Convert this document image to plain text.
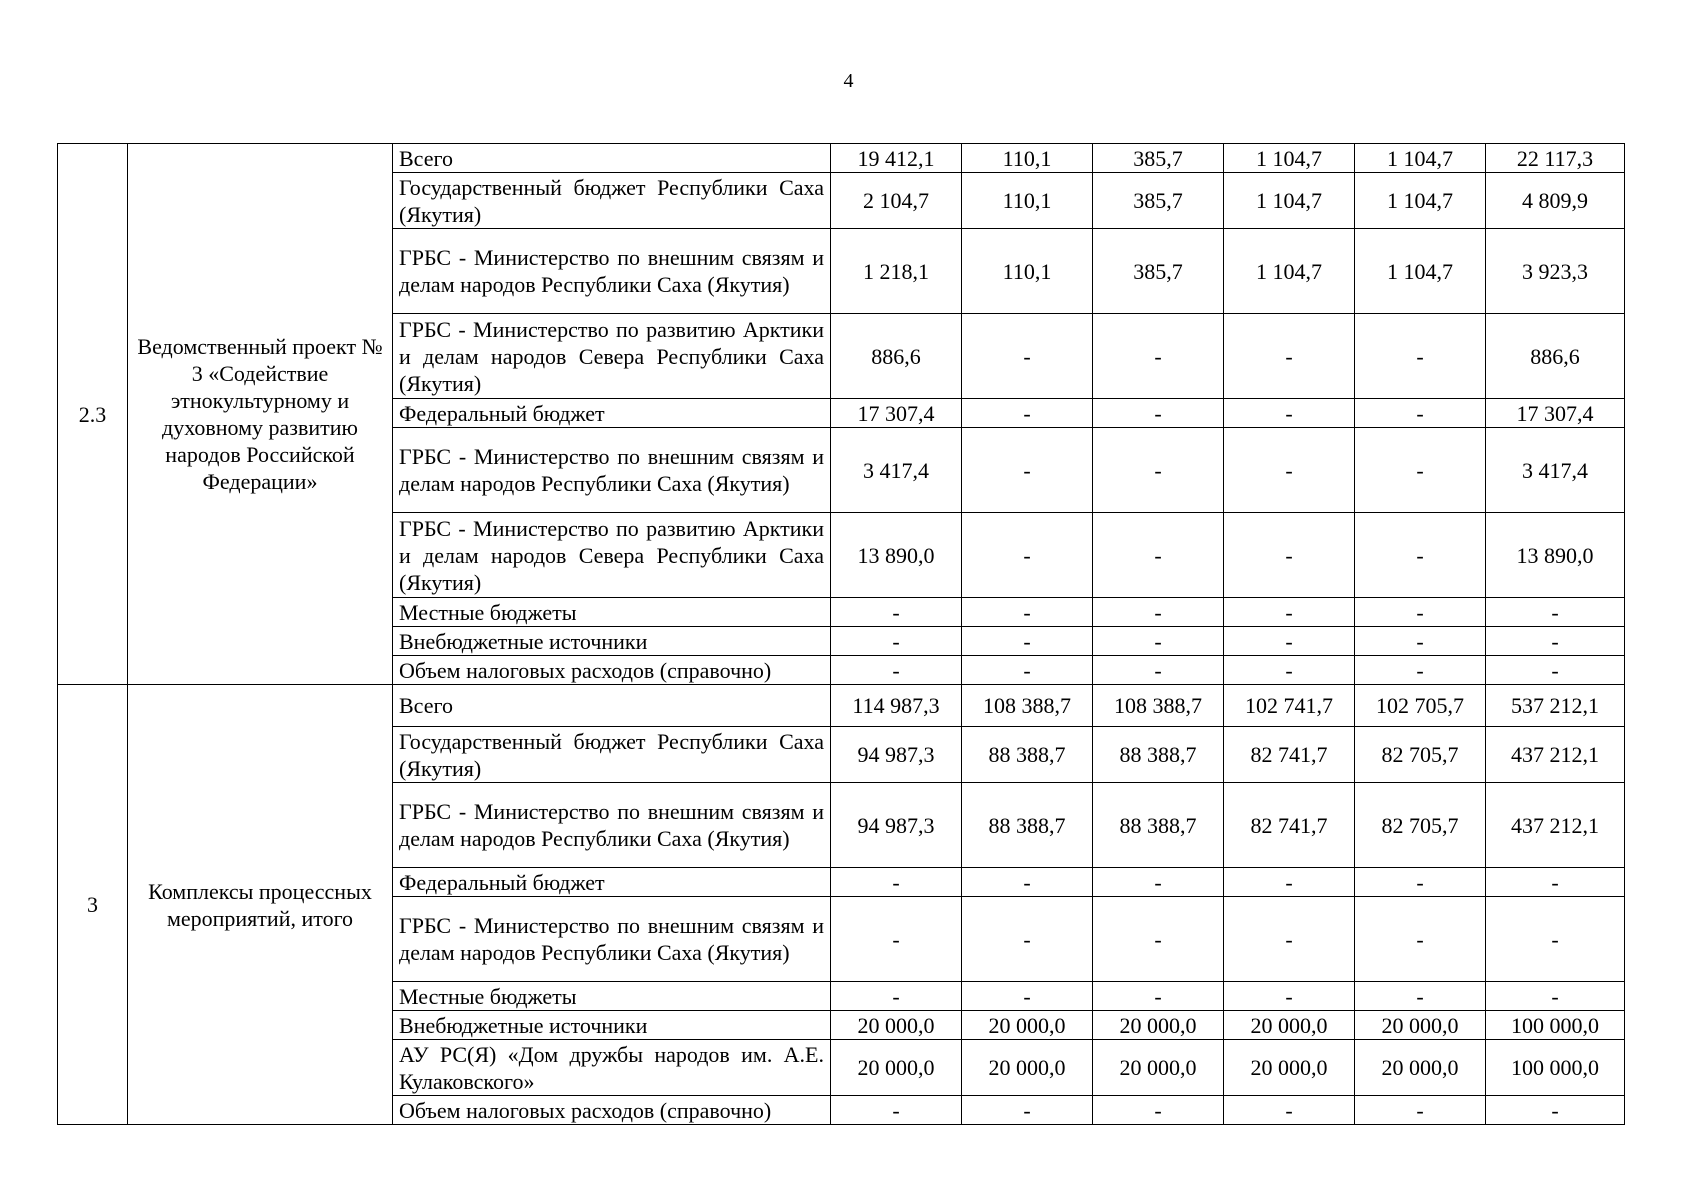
4
2.3	Ведомственный проект № 3 «Содействие этнокультурному и духовному развитию народов Российской Федерации»	Всего	19 412,1	110,1	385,7	1 104,7	1 104,7	22 117,3
		Государственный бюджет Республики Саха (Якутия)	2 104,7	110,1	385,7	1 104,7	1 104,7	4 809,9
		ГРБС - Министерство по внешним связям и делам народов Республики Саха (Якутия)	1 218,1	110,1	385,7	1 104,7	1 104,7	3 923,3
		ГРБС - Министерство по развитию Арктики и делам народов Севера Республики Саха (Якутия)	886,6	-	-	-	-	886,6
		Федеральный бюджет	17 307,4	-	-	-	-	17 307,4
		ГРБС - Министерство по внешним связям и делам народов Республики Саха (Якутия)	3 417,4	-	-	-	-	3 417,4
		ГРБС - Министерство по развитию Арктики и делам народов Севера Республики Саха (Якутия)	13 890,0	-	-	-	-	13 890,0
		Местные бюджеты	-	-	-	-	-	-
		Внебюджетные источники	-	-	-	-	-	-
		Объем налоговых расходов (справочно)	-	-	-	-	-	-
3	Комплексы процессных мероприятий, итого	Всего	114 987,3	108 388,7	108 388,7	102 741,7	102 705,7	537 212,1
		Государственный бюджет Республики Саха (Якутия)	94 987,3	88 388,7	88 388,7	82 741,7	82 705,7	437 212,1
		ГРБС - Министерство по внешним связям и делам народов Республики Саха (Якутия)	94 987,3	88 388,7	88 388,7	82 741,7	82 705,7	437 212,1
		Федеральный бюджет	-	-	-	-	-	-
		ГРБС - Министерство по внешним связям и делам народов Республики Саха (Якутия)	-	-	-	-	-	-
		Местные бюджеты	-	-	-	-	-	-
		Внебюджетные источники	20 000,0	20 000,0	20 000,0	20 000,0	20 000,0	100 000,0
		АУ РС(Я) «Дом дружбы народов им. А.Е. Кулаковского»	20 000,0	20 000,0	20 000,0	20 000,0	20 000,0	100 000,0
		Объем налоговых расходов (справочно)	-	-	-	-	-	-
